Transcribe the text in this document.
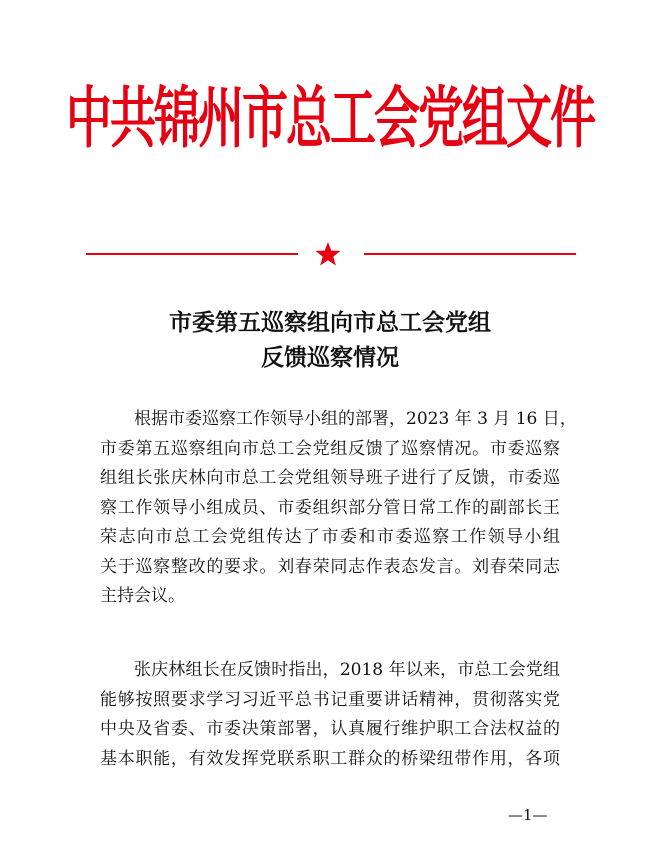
中共锦州市总工会党组文件
市委第五巡察组向市总工会党组
反馈巡察情况
根据市委巡察工作领导小组的部署，2023 年 3 月 16 日，
市委第五巡察组向市总工会党组反馈了巡察情况。市委巡察
组组长张庆林向市总工会党组领导班子进行了反馈，市委巡
察工作领导小组成员、市委组织部分管日常工作的副部长王
荣志向市总工会党组传达了市委和市委巡察工作领导小组
关于巡察整改的要求。刘春荣同志作表态发言。刘春荣同志
主持会议。
张庆林组长在反馈时指出，2018 年以来，市总工会党组
能够按照要求学习习近平总书记重要讲话精神，贯彻落实党
中央及省委、市委决策部署，认真履行维护职工合法权益的
基本职能，有效发挥党联系职工群众的桥梁纽带作用，各项
—1—
